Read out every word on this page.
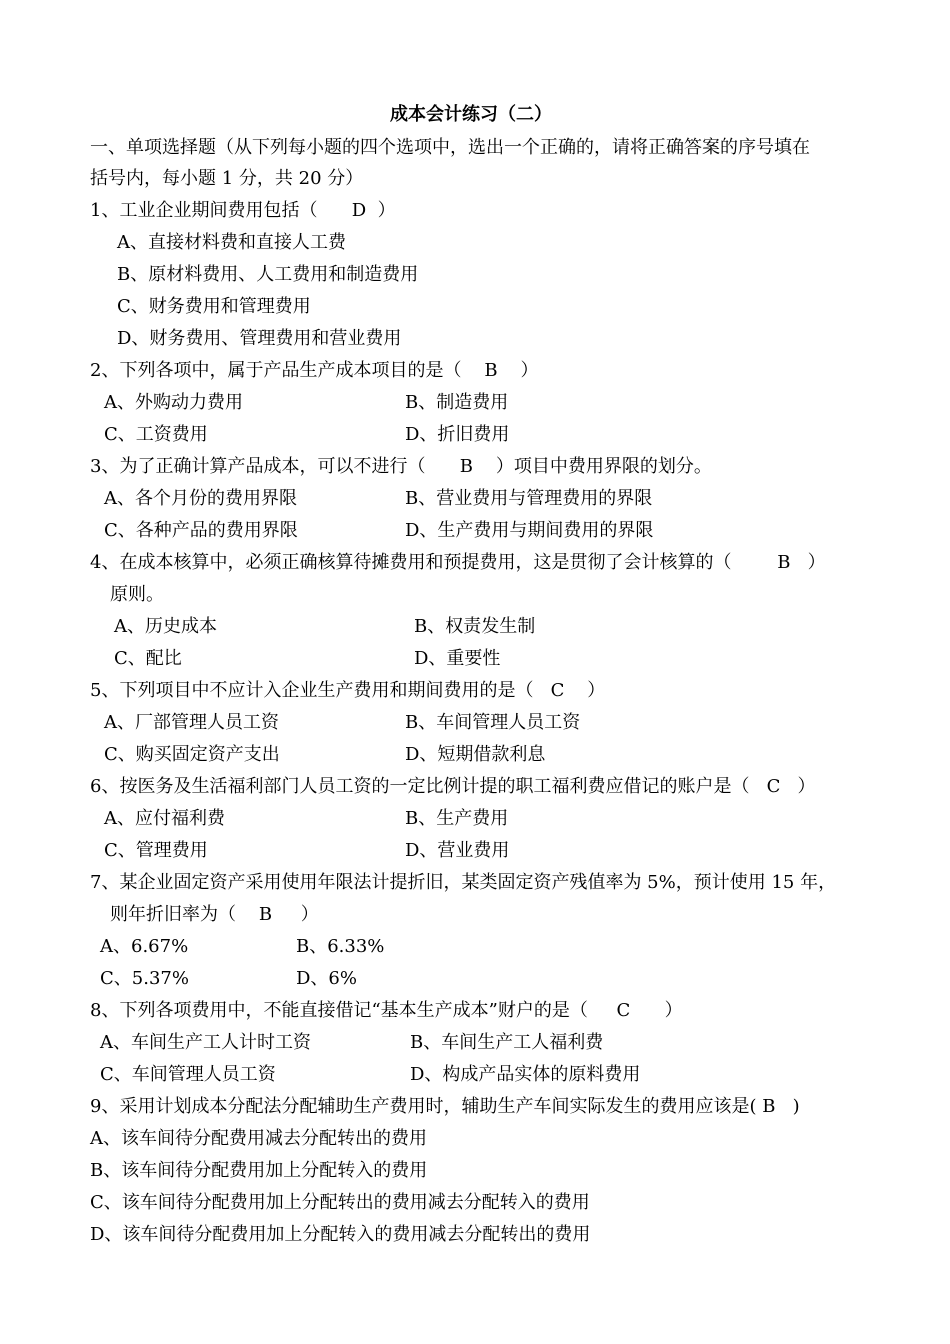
成本会计练习（二）
一、单项选择题（从下列每小题的四个选项中，选出一个正确的，请将正确答案的序号填在
括号内，每小题 1 分，共 20 分）
1、工业企业期间费用包括（      D  ）
A、直接材料费和直接人工费
B、原材料费用、人工费用和制造费用
C、财务费用和管理费用
D、财务费用、管理费用和营业费用
2、下列各项中，属于产品生产成本项目的是（    B    ）
A、外购动力费用	B、制造费用
C、工资费用	D、折旧费用
3、为了正确计算产品成本，可以不进行（      B    ）项目中费用界限的划分。
A、各个月份的费用界限	B、营业费用与管理费用的界限
C、各种产品的费用界限	D、生产费用与期间费用的界限
4、在成本核算中，必须正确核算待摊费用和预提费用，这是贯彻了会计核算的（        B   ）
原则。
A、历史成本	B、权责发生制
C、配比	D、重要性
5、下列项目中不应计入企业生产费用和期间费用的是（   C    ）
A、厂部管理人员工资	B、车间管理人员工资
C、购买固定资产支出	D、短期借款利息
6、按医务及生活福利部门人员工资的一定比例计提的职工福利费应借记的账户是（   C   ）
A、应付福利费	B、生产费用
C、管理费用	D、营业费用
7、某企业固定资产采用使用年限法计提折旧，某类固定资产残值率为 5%，预计使用 15 年，
则年折旧率为（    B     ）
A、6.67%	B、6.33%
C、5.37%	D、6%
8、下列各项费用中，不能直接借记“基本生产成本”财户的是（     C      ）
A、车间生产工人计时工资	B、车间生产工人福利费
C、车间管理人员工资	D、构成产品实体的原料费用
9、采用计划成本分配法分配辅助生产费用时，辅助生产车间实际发生的费用应该是( B   )
A、该车间待分配费用减去分配转出的费用
B、该车间待分配费用加上分配转入的费用
C、该车间待分配费用加上分配转出的费用减去分配转入的费用
D、该车间待分配费用加上分配转入的费用减去分配转出的费用
